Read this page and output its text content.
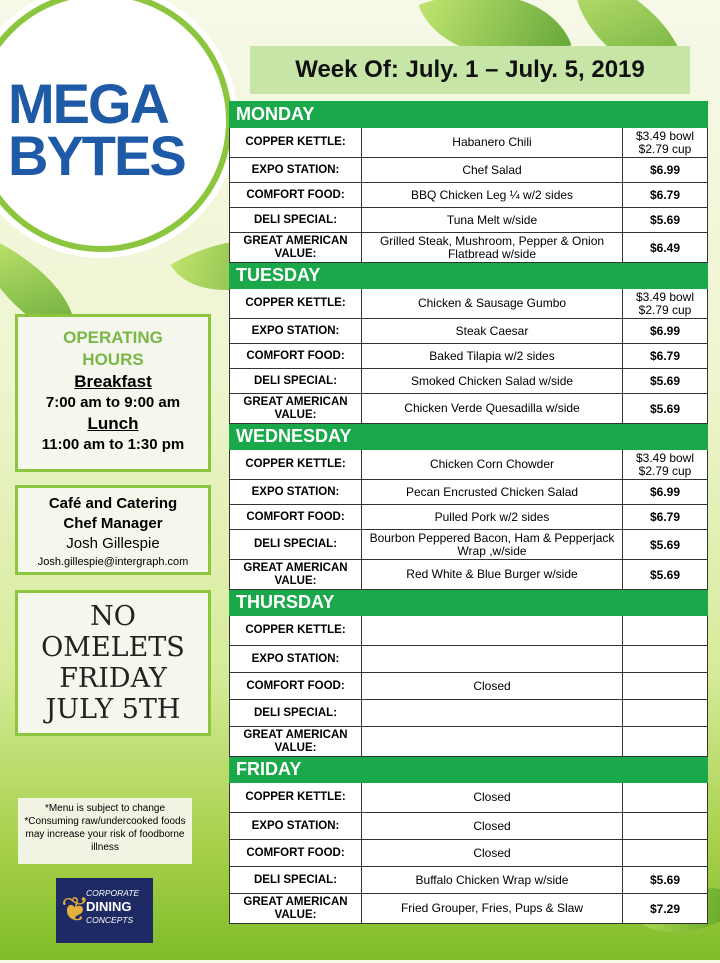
MEGA
BYTES
Week Of: July. 1 – July. 5, 2019
MONDAY		
COPPER KETTLE:	Habanero Chili	$3.49 bowl $2.79 cup
EXPO STATION:	Chef Salad	$6.99
COMFORT FOOD:	BBQ Chicken Leg ¼ w/2 sides	$6.79
DELI SPECIAL:	Tuna Melt w/side	$5.69
GREAT AMERICAN VALUE:	Grilled Steak, Mushroom, Pepper & Onion Flatbread w/side	$6.49
TUESDAY		
COPPER KETTLE:	Chicken & Sausage Gumbo	$3.49 bowl $2.79 cup
EXPO STATION:	Steak Caesar	$6.99
COMFORT FOOD:	Baked Tilapia w/2 sides	$6.79
DELI SPECIAL:	Smoked Chicken Salad w/side	$5.69
GREAT AMERICAN VALUE:	Chicken Verde Quesadilla w/side	$5.69
WEDNESDAY		
COPPER KETTLE:	Chicken Corn Chowder	$3.49 bowl $2.79 cup
EXPO STATION:	Pecan Encrusted Chicken Salad	$6.99
COMFORT FOOD:	Pulled Pork w/2 sides	$6.79
DELI SPECIAL:	Bourbon Peppered Bacon, Ham & Pepperjack Wrap ,w/side	$5.69
GREAT AMERICAN VALUE:	Red White & Blue Burger w/side	$5.69
THURSDAY		
COPPER KETTLE:		
EXPO STATION:		
COMFORT FOOD:	Closed	
DELI SPECIAL:		
GREAT AMERICAN VALUE:		
FRIDAY		
COPPER KETTLE:	Closed	
EXPO STATION:	Closed	
COMFORT FOOD:	Closed	
DELI SPECIAL:	Buffalo Chicken Wrap w/side	$5.69
GREAT AMERICAN VALUE:	Fried Grouper, Fries, Pups & Slaw	$7.29
OPERATING
HOURS
Breakfast
7:00 am to 9:00 am
Lunch
11:00 am to 1:30 pm
Café and Catering
Chef Manager
Josh Gillespie
Josh.gillespie@intergraph.com
NO
OMELETS
FRIDAY
JULY 5TH
*Menu is subject to change
*Consuming raw/undercooked foods may increase your risk of foodborne illness
❦
CORPORATE
DINING
CONCEPTS
